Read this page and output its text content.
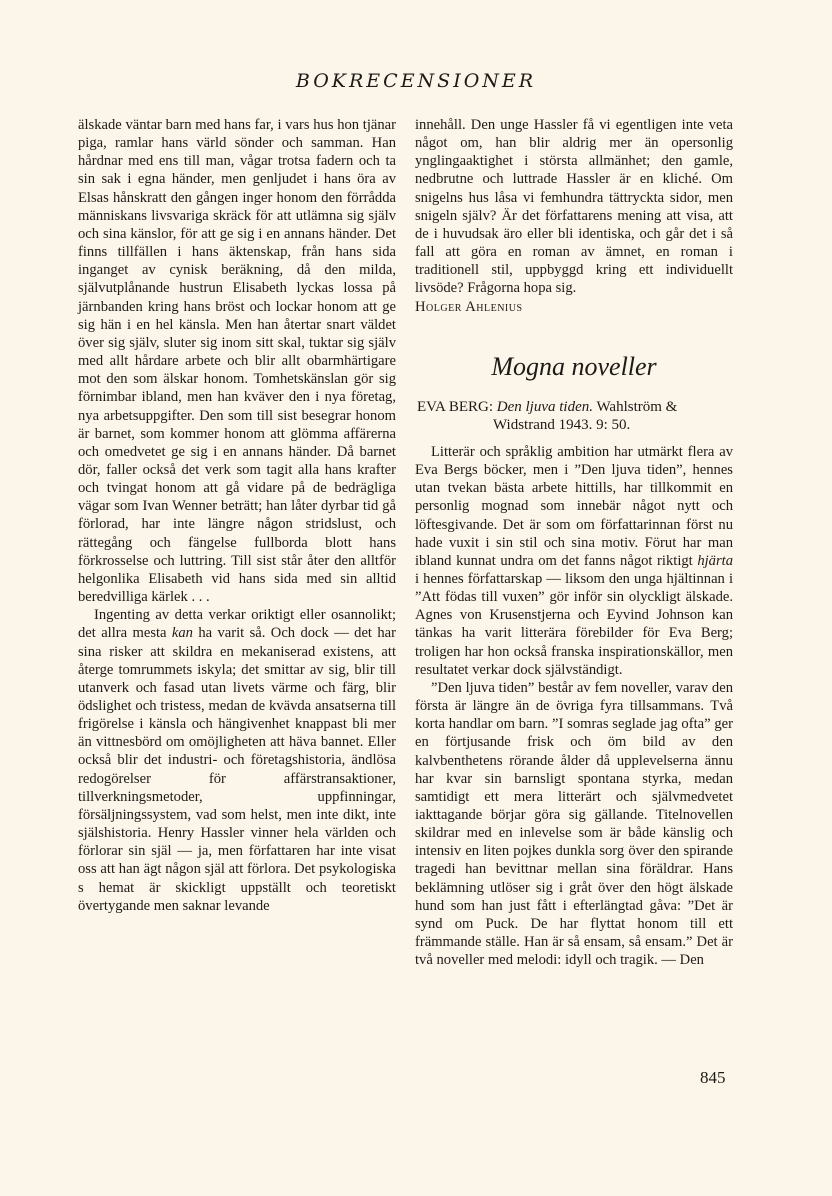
BOKRECENSIONER

älskade väntar barn med hans far, i vars hus hon tjänar piga, ramlar hans värld sönder och samman. Han hårdnar med ens till man, vågar trotsa fadern och ta sin sak i egna händer, men genljudet i hans öra av Elsas hånskratt den gången inger honom den förrådda människans livsvariga skräck för att utlämna sig själv och sina känslor, för att ge sig i en annans händer. Det finns tillfällen i hans äktenskap, från hans sida inganget av cynisk beräkning, då den milda, självutplånande hustrun Elisabeth lyckas lossa på järnbanden kring hans bröst och lockar honom att ge sig hän i en hel känsla. Men han återtar snart väldet över sig själv, sluter sig inom sitt skal, tuktar sig själv med allt hårdare arbete och blir allt obarmhärtigare mot den som älskar honom. Tomhetskänslan gör sig förnimbar ibland, men han kväver den i nya företag, nya arbetsuppgifter. Den som till sist besegrar honom är barnet, som kommer honom att glömma affärerna och omedvetet ge sig i en annans händer. Då barnet dör, faller också det verk som tagit alla hans krafter och tvingat honom att gå vidare på de bedrägliga vägar som Ivan Wenner beträtt; han låter dyrbar tid gå förlorad, har inte längre någon stridslust, och rättegång och fängelse fullborda blott hans förkrosselse och luttring. Till sist står åter den alltför helgonlika Elisabeth vid hans sida med sin alltid beredvilliga kärlek . . .

Ingenting av detta verkar oriktigt eller osannolikt; det allra mesta kan ha varit så. Och dock — det har sina risker att skildra en mekaniserad existens, att återge tomrummets iskyla; det smittar av sig, blir till utanverk och fasad utan livets värme och färg, blir ödslighet och tristess, medan de kvävda ansatserna till frigörelse i känsla och hängivenhet knappast bli mer än vittnesbörd om omöjligheten att häva bannet. Eller också blir det industri- och företagshistoria, ändlösa redogörelser för affärstransaktioner, tillverkningsmetoder, uppfinningar, försäljningssystem, vad som helst, men inte dikt, inte själshistoria. Henry Hassler vinner hela världen och förlorar sin själ — ja, men författaren har inte visat oss att han ägt någon själ att förlora. Det psykologiska s hemat är skickligt uppställt och teoretiskt övertygande men saknar levande

innehåll. Den unge Hassler få vi egentligen inte veta något om, han blir aldrig mer än opersonlig ynglingaaktighet i största allmänhet; den gamle, nedbrutne och luttrade Hassler är en kliché. Om snigelns hus låsa vi femhundra tättryckta sidor, men snigeln själv? Är det författarens mening att visa, att de i huvudsak äro eller bli identiska, och går det i så fall att göra en roman av ämnet, en roman i traditionell stil, uppbyggd kring ett individuellt livsöde? Frågorna hopa sig.

Holger Ahlenius

Mogna noveller
EVA BERG: Den ljuva tiden. Wahlström &
Widstrand 1943. 9: 50.

Litterär och språklig ambition har utmärkt flera av Eva Bergs böcker, men i ”Den ljuva tiden”, hennes utan tvekan bästa arbete hittills, har tillkommit en personlig mognad som innebär något nytt och löftesgivande. Det är som om författarinnan först nu hade vuxit i sin stil och sina motiv. Förut har man ibland kunnat undra om det fanns något riktigt hjärta i hennes författarskap — liksom den unga hjältinnan i ”Att födas till vuxen” gör inför sin olyckligt älskade. Agnes von Krusenstjerna och Eyvind Johnson kan tänkas ha varit litterära förebilder för Eva Berg; troligen har hon också franska inspirationskällor, men resultatet verkar dock självständigt.

”Den ljuva tiden” består av fem noveller, varav den första är längre än de övriga fyra tillsammans. Två korta handlar om barn. ”I somras seglade jag ofta” ger en förtjusande frisk och öm bild av den kalvbenthetens rörande ålder då upplevelserna ännu har kvar sin barnsligt spontana styrka, medan samtidigt ett mera litterärt och självmedvetet iakttagande börjar göra sig gällande. Titelnovellen skildrar med en inlevelse som är både känslig och intensiv en liten pojkes dunkla sorg över den spirande tragedi han bevittnar mellan sina föräldrar. Hans beklämning utlöser sig i gråt över den högt älskade hund som han just fått i efterlängtad gåva: ”Det är synd om Puck. De har flyttat honom till ett främmande ställe. Han är så ensam, så ensam.” Det är två noveller med melodi: idyll och tragik. — Den

845
